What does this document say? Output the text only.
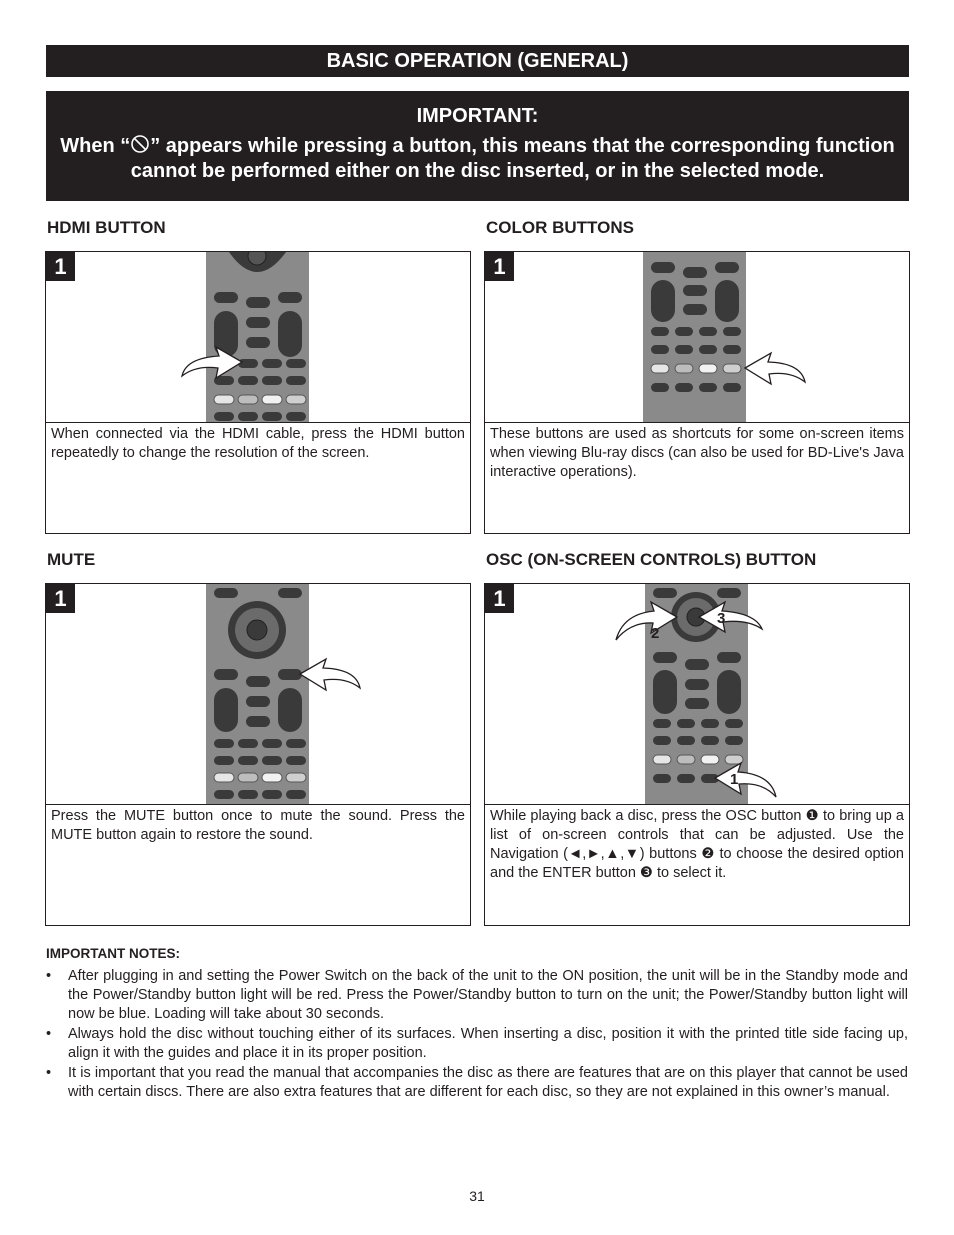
BASIC OPERATION (GENERAL)
IMPORTANT:
When “ ” appears while pressing a button, this means that the corresponding function cannot be performed either on the disc inserted, or in the selected mode.
HDMI BUTTON
1
When connected via the HDMI cable, press the HDMI button repeatedly to change the resolution of the screen.
COLOR BUTTONS
1
These buttons are used as shortcuts for some on-screen items when viewing Blu-ray discs (can also be used for BD-Live's Java interactive operations).
MUTE
1
Press the MUTE button once to mute the sound. Press the MUTE button again to restore the sound.
OSC (ON-SCREEN CONTROLS) BUTTON
1
2
3
1
While playing back a disc, press the OSC button ❶ to bring up a list of on-screen controls that can be adjusted. Use the Navigation (◄,►,▲,▼) buttons ❷ to choose the desired option and the ENTER button ❸ to select it.
IMPORTANT NOTES:
• After plugging in and setting the Power Switch on the back of the unit to the ON position, the unit will be in the Standby mode and the Power/Standby button light will be red. Press the Power/Standby button to turn on the unit; the Power/Standby button light will now be blue. Loading will take about 30 seconds.
• Always hold the disc without touching either of its surfaces. When inserting a disc, position it with the printed title side facing up, align it with the guides and place it in its proper position.
• It is important that you read the manual that accompanies the disc as there are features that are on this player that cannot be used with certain discs. There are also extra features that are different for each disc, so they are not explained in this owner’s manual.
31
